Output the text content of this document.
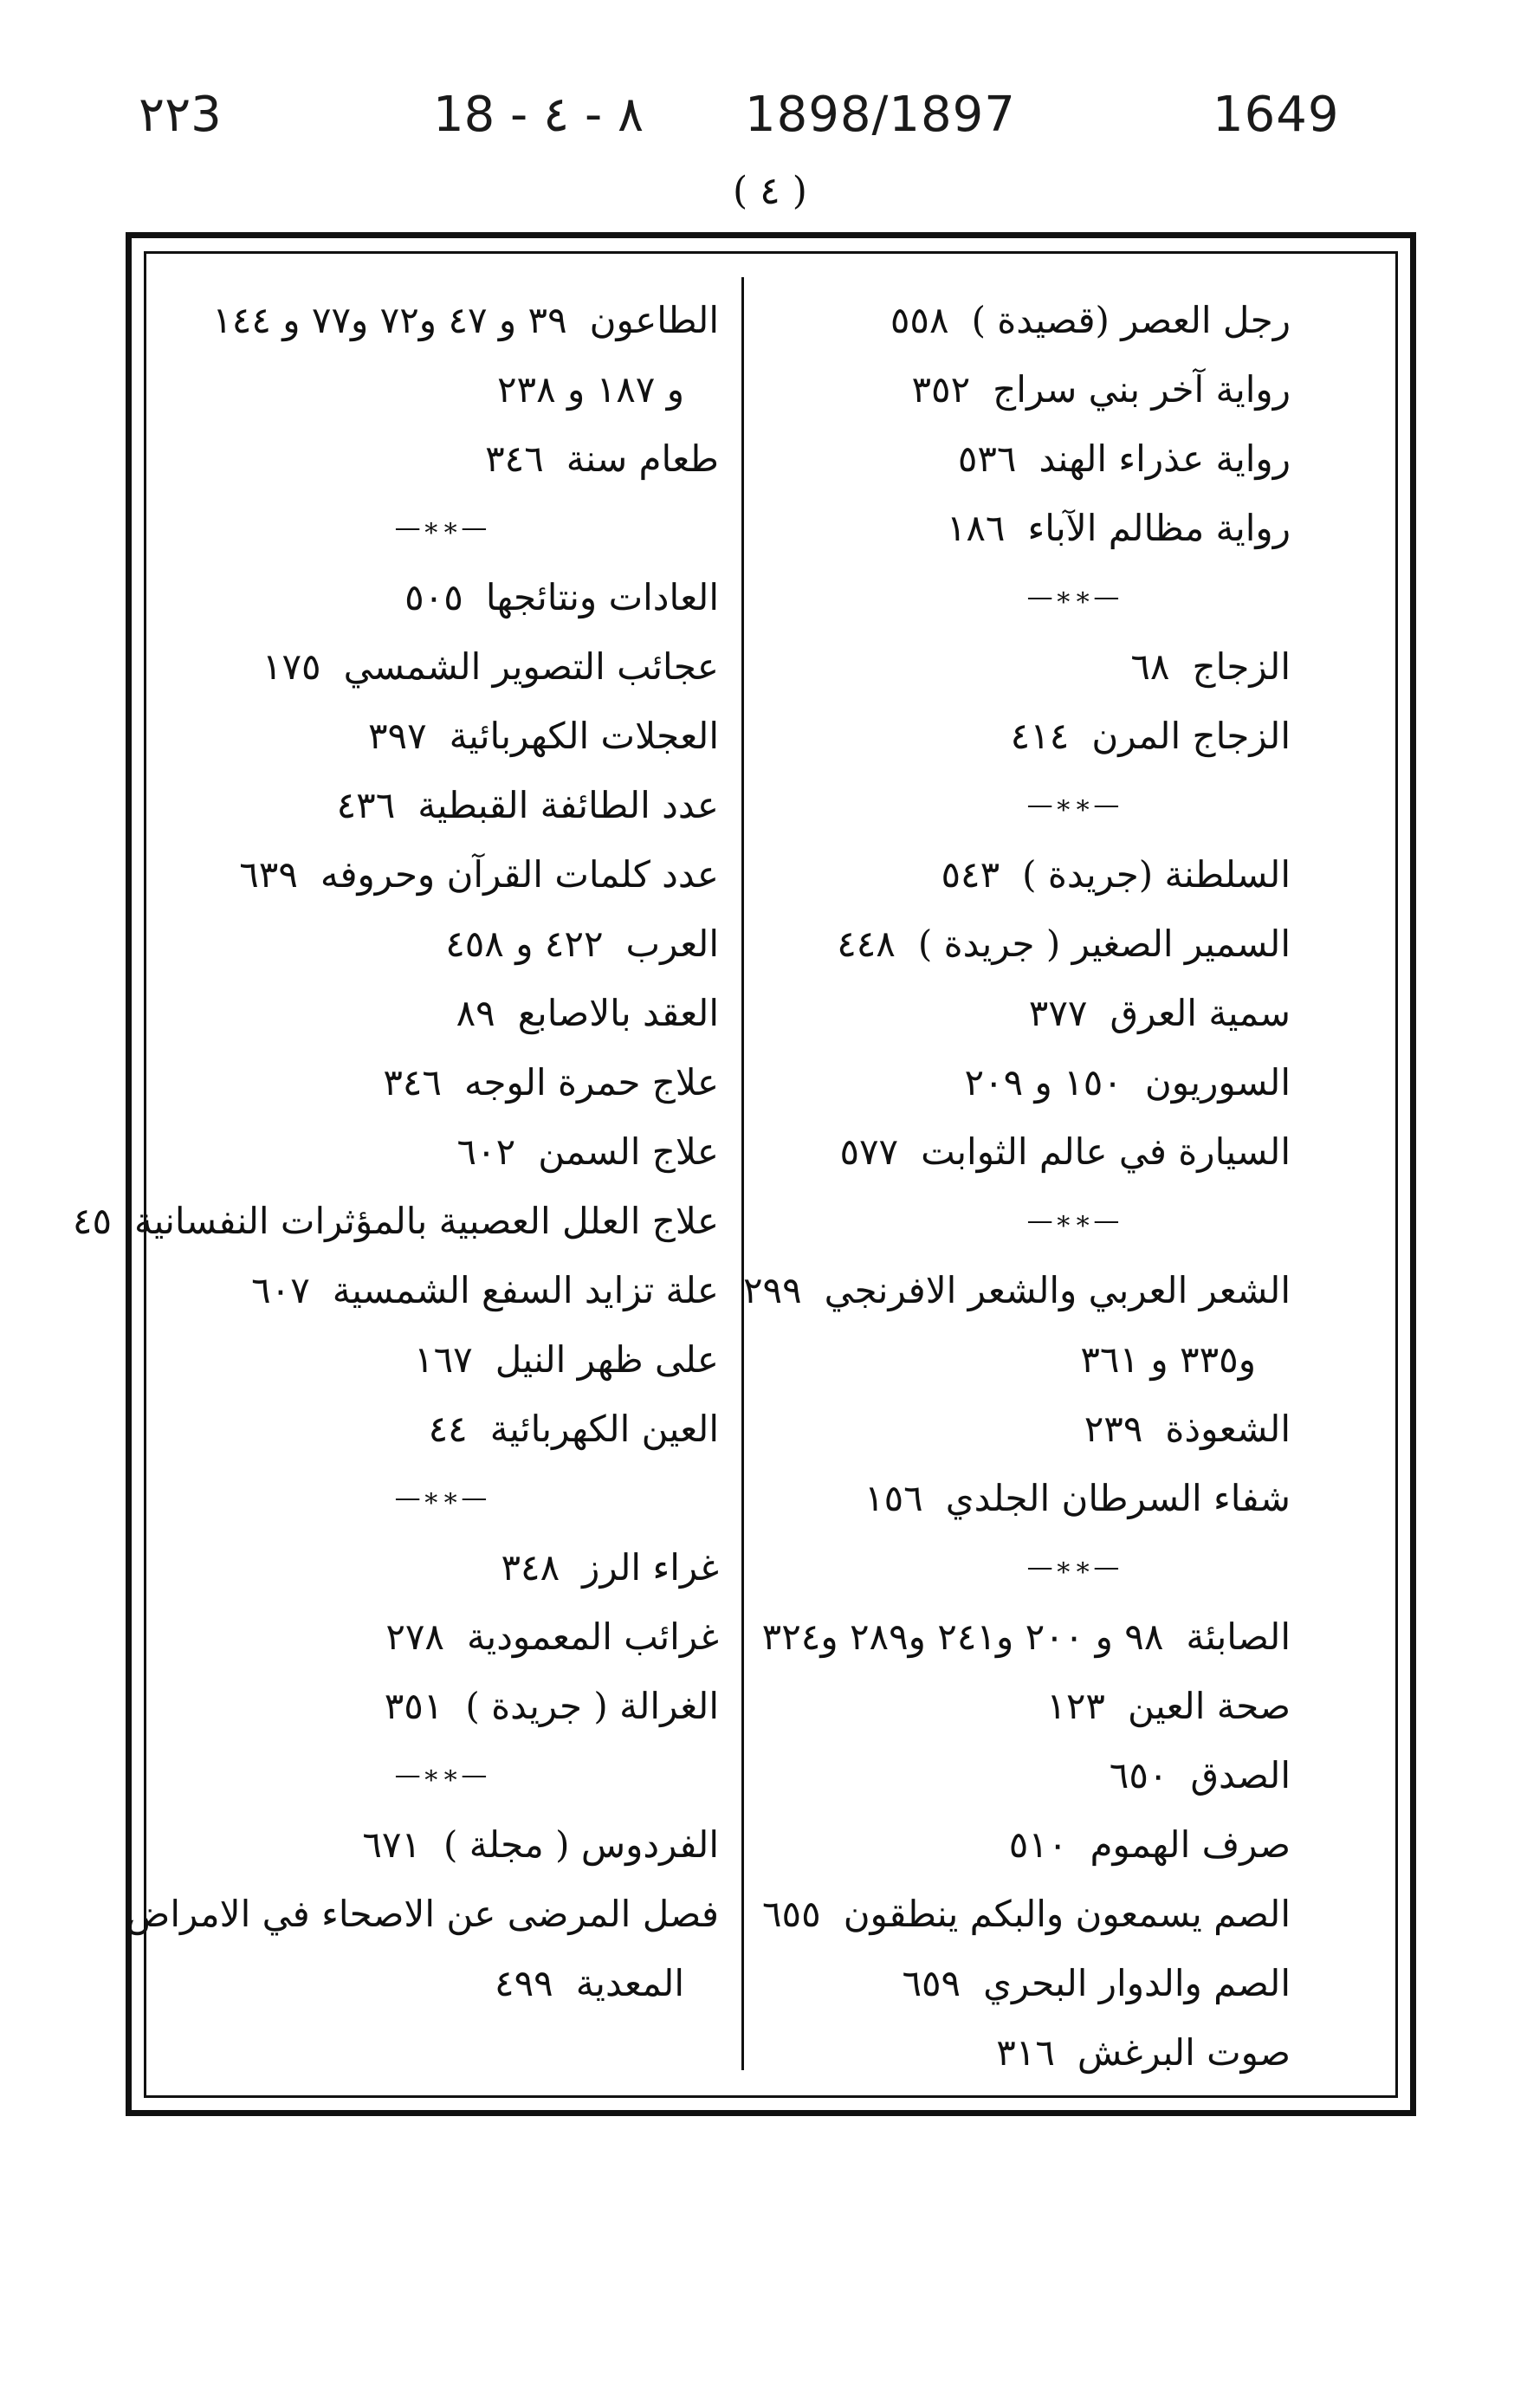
٢٢3	18 - ٨ - ٤ 1898/1897	1649
( ٤ )
رجل العصر (قصيدة )٥٥٨
رواية آخر بني سراج٣٥٢
رواية عذراء الهند٥٣٦
رواية مظالم الآباء١٨٦
—∗∗—
الزجاج٦٨
الزجاج المرن٤١٤
—∗∗—
السلطنة (جريدة )٥٤٣
السمير الصغير ( جريدة )٤٤٨
سمية العرق٣٧٧
السوريون١٥٠ و ٢٠٩
السيارة في عالم الثوابت٥٧٧
—∗∗—
الشعر العربي والشعر الافرنجي٢٩٩
و٣٣٥ و ٣٦١
الشعوذة٢٣٩
شفاء السرطان الجلدي١٥٦
—∗∗—
الصابئة٩٨ و ٢٠٠ و٢٤١ و٢٨٩ و٣٢٤
صحة العين١٢٣
الصدق٦٥٠
صرف الهموم٥١٠
الصم يسمعون والبكم ينطقون٦٥٥
الصم والدوار البحري٦٥٩
صوت البرغش٣١٦
الطاعون٣٩ و ٤٧ و٧٢ و٧٧ و ١٤٤
و ١٨٧ و ٢٣٨
طعام سنة٣٤٦
—∗∗—
العادات ونتائجها٥٠٥
عجائب التصوير الشمسي١٧٥
العجلات الكهربائية٣٩٧
عدد الطائفة القبطية٤٣٦
عدد كلمات القرآن وحروفه٦٣٩
العرب٤٢٢ و ٤٥٨
العقد بالاصابع٨٩
علاج حمرة الوجه٣٤٦
علاج السمن٦٠٢
علاج العلل العصبية بالمؤثرات النفسانية٤٥
علة تزايد السفع الشمسية٦٠٧
على ظهر النيل١٦٧
العين الكهربائية٤٤
—∗∗—
غراء الرز٣٤٨
غرائب المعمودية٢٧٨
الغرالة ( جريدة )٣٥١
—∗∗—
الفردوس ( مجلة )٦٧١
فصل المرضى عن الاصحاء في الامراض
المعدية٤٩٩
